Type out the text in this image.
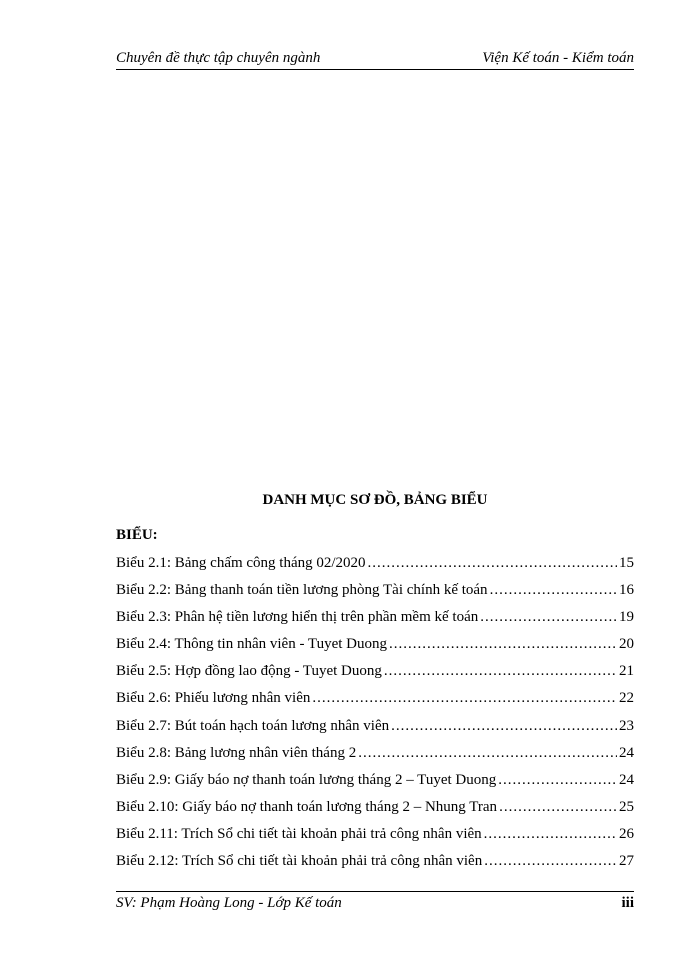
Chuyên đề thực tập chuyên ngành	Viện Kế toán - Kiểm toán
DANH MỤC SƠ ĐỒ, BẢNG BIỂU
BIỂU:
Biểu 2.1: Bảng chấm công tháng 02/2020 .....	15
Biểu 2.2: Bảng thanh toán tiền lương phòng Tài chính kế toán .....	16
Biểu 2.3: Phân hệ tiền lương hiển thị trên phần mềm kế toán .....	19
Biểu 2.4: Thông tin nhân viên - Tuyet Duong .....	20
Biểu 2.5: Hợp đồng lao động - Tuyet Duong .....	21
Biểu 2.6: Phiếu lương nhân viên .....	22
Biểu 2.7: Bút toán hạch toán lương nhân viên .....	23
Biểu 2.8: Bảng lương nhân viên tháng 2 .....	24
Biểu 2.9: Giấy báo nợ thanh toán lương tháng 2 – Tuyet Duong .....	24
Biểu 2.10: Giấy báo nợ thanh toán lương tháng 2 – Nhung Tran .....	25
Biểu 2.11: Trích Sổ chi tiết tài khoản phải trả công nhân viên .....	26
Biểu 2.12: Trích Sổ chi tiết tài khoản phải trả công nhân viên .....	27
SV: Phạm Hoàng Long - Lớp Kế toán	iii
